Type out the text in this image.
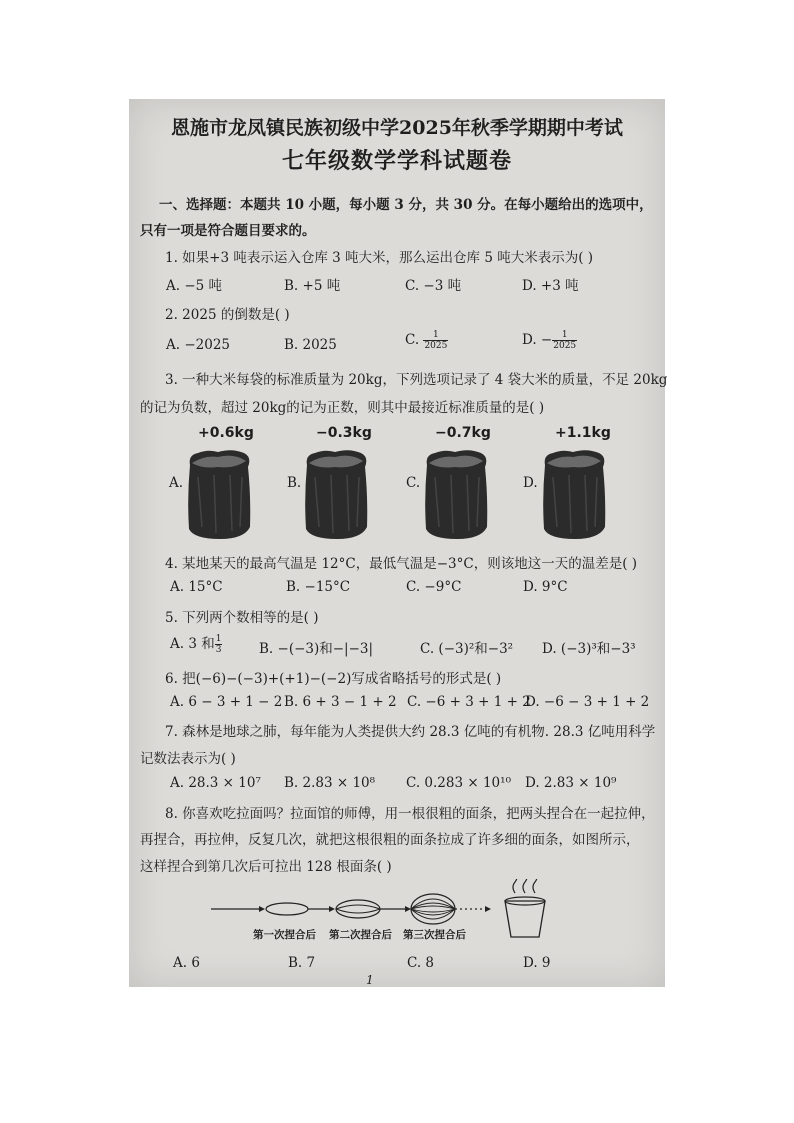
恩施市龙凤镇民族初级中学2025年秋季学期期中考试
七年级数学学科试题卷
一、选择题：本题共 10 小题，每小题 3 分，共 30 分。在每小题给出的选项中，
只有一项是符合题目要求的。
1. 如果+3 吨表示运入仓库 3 吨大米，那么运出仓库 5 吨大米表示为( )
A. −5 吨	B. +5 吨	C. −3 吨	D. +3 吨
2. 2025 的倒数是( )
A. −2025	B. 2025	C. $\frac{1}{2025}$	D. − $\frac{1}{2025}$
3. 一种大米每袋的标准质量为 20kg，下列选项记录了 4 袋大米的质量，不足 20kg
的记为负数，超过 20kg的记为正数，则其中最接近标准质量的是( )
+0.6kg	−0.3kg	−0.7kg	+1.1kg
A.	B.	C.	D.
4. 某地某天的最高气温是 12°C，最低气温是−3°C，则该地这一天的温差是( )
A. 15°C	B. −15°C	C. −9°C	D. 9°C
5. 下列两个数相等的是( )
A. 3 和 $\frac{1}{3}$	B. −(−3)和−|−3|	C. (−3)²和−3² D. (−3)³和−3³
6. 把(−6)−(−3)+(+1)−(−2)写成省略括号的形式是( )
A. 6 − 3 + 1 − 2 B. 6 + 3 − 1 + 2 C. −6 + 3 + 1 + 2
D. −6 − 3 + 1 + 2
7. 森林是地球之肺，每年能为人类提供大约 28.3 亿吨的有机物. 28.3 亿吨用科学
记数法表示为( )
A. 28.3 × 10⁷ B. 2.83 × 10⁸ C. 0.283 × 10¹⁰ D. 2.83 × 10⁹
8. 你喜欢吃拉面吗？拉面馆的师傅，用一根很粗的面条，把两头捏合在一起拉伸，
再捏合，再拉伸，反复几次，就把这根很粗的面条拉成了许多细的面条，如图所示，
这样捏合到第几次后可拉出 128 根面条( )
第一次捏合后 第二次捏合后 第三次捏合后
A. 6	B. 7	C. 8	D. 9
1
